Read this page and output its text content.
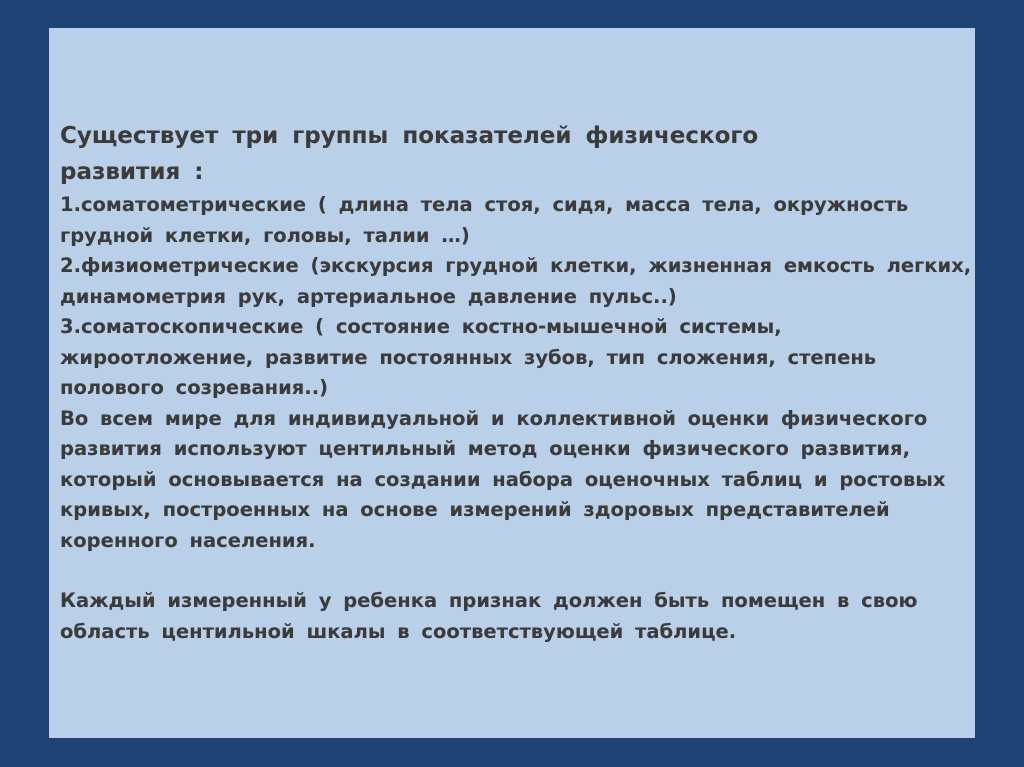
Существует три группы показателей физического

развития :

1.соматометрические ( длина тела стоя, сидя, масса тела, окружность

грудной клетки, головы, талии …)

2.физиометрические (экскурсия грудной клетки, жизненная емкость легких,

динамометрия рук, артериальное давление пульс..)

3.соматоскопические ( состояние костно-мышечной системы,

жироотложение, развитие постоянных зубов, тип сложения, степень

полового созревания..)

Во всем мире для индивидуальной и коллективной оценки физического

развития используют центильный метод оценки физического развития,

который основывается на создании набора оценочных таблиц и ростовых

кривых, построенных на основе измерений здоровых представителей

коренного населения.

Каждый измеренный у ребенка признак должен быть помещен в свою

область центильной шкалы в соответствующей таблице.
